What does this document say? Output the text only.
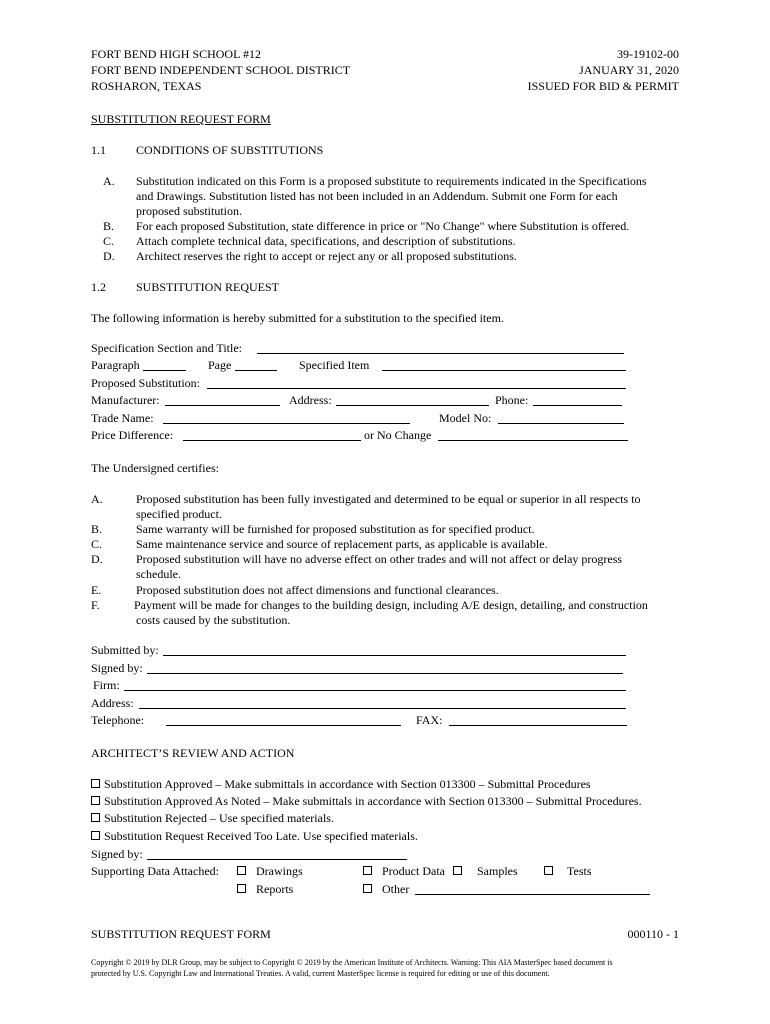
FORT BEND HIGH SCHOOL #12
FORT BEND INDEPENDENT SCHOOL DISTRICT
ROSHARON, TEXAS
39-19102-00
JANUARY 31, 2020
ISSUED FOR BID & PERMIT
SUBSTITUTION REQUEST FORM
1.1	CONDITIONS OF SUBSTITUTIONS
A. Substitution indicated on this Form is a proposed substitute to requirements indicated in the Specifications
and Drawings. Substitution listed has not been included in an Addendum. Submit one Form for each
proposed substitution.
B. For each proposed Substitution, state difference in price or "No Change" where Substitution is offered.
C. Attach complete technical data, specifications, and description of substitutions.
D. Architect reserves the right to accept or reject any or all proposed substitutions.
1.2	SUBSTITUTION REQUEST
The following information is hereby submitted for a substitution to the specified item.
Specification Section and Title:
Paragraph	Page	Specified Item
Proposed Substitution:
Manufacturer:	Address:	Phone:
Trade Name:	Model No:
Price Difference:	or No Change
The Undersigned certifies:
A.	Proposed substitution has been fully investigated and determined to be equal or superior in all respects to
specified product.
B.	Same warranty will be furnished for proposed substitution as for specified product.
C.	Same maintenance service and source of replacement parts, as applicable is available.
D.	Proposed substitution will have no adverse effect on other trades and will not affect or delay progress
schedule.
E.	Proposed substitution does not affect dimensions and functional clearances.
F.	Payment will be made for changes to the building design, including A/E design, detailing, and construction
costs caused by the substitution.
Submitted by:
Signed by:
Firm:
Address:
Telephone:	FAX:
ARCHITECT’S REVIEW AND ACTION
Substitution Approved – Make submittals in accordance with Section 013300 – Submittal Procedures
Substitution Approved As Noted – Make submittals in accordance with Section 013300 – Submittal Procedures.
Substitution Rejected – Use specified materials.
Substitution Request Received Too Late. Use specified materials.
Signed by:
Supporting Data Attached:	Drawings	Product Data	Samples	Tests
Reports	Other
SUBSTITUTION REQUEST FORM	000110 - 1
Copyright © 2019 by DLR Group, may be subject to Copyright © 2019 by the American Institute of Architects. Warning: This AIA MasterSpec based document is
protected by U.S. Copyright Law and International Treaties. A valid, current MasterSpec license is required for editing or use of this document.
